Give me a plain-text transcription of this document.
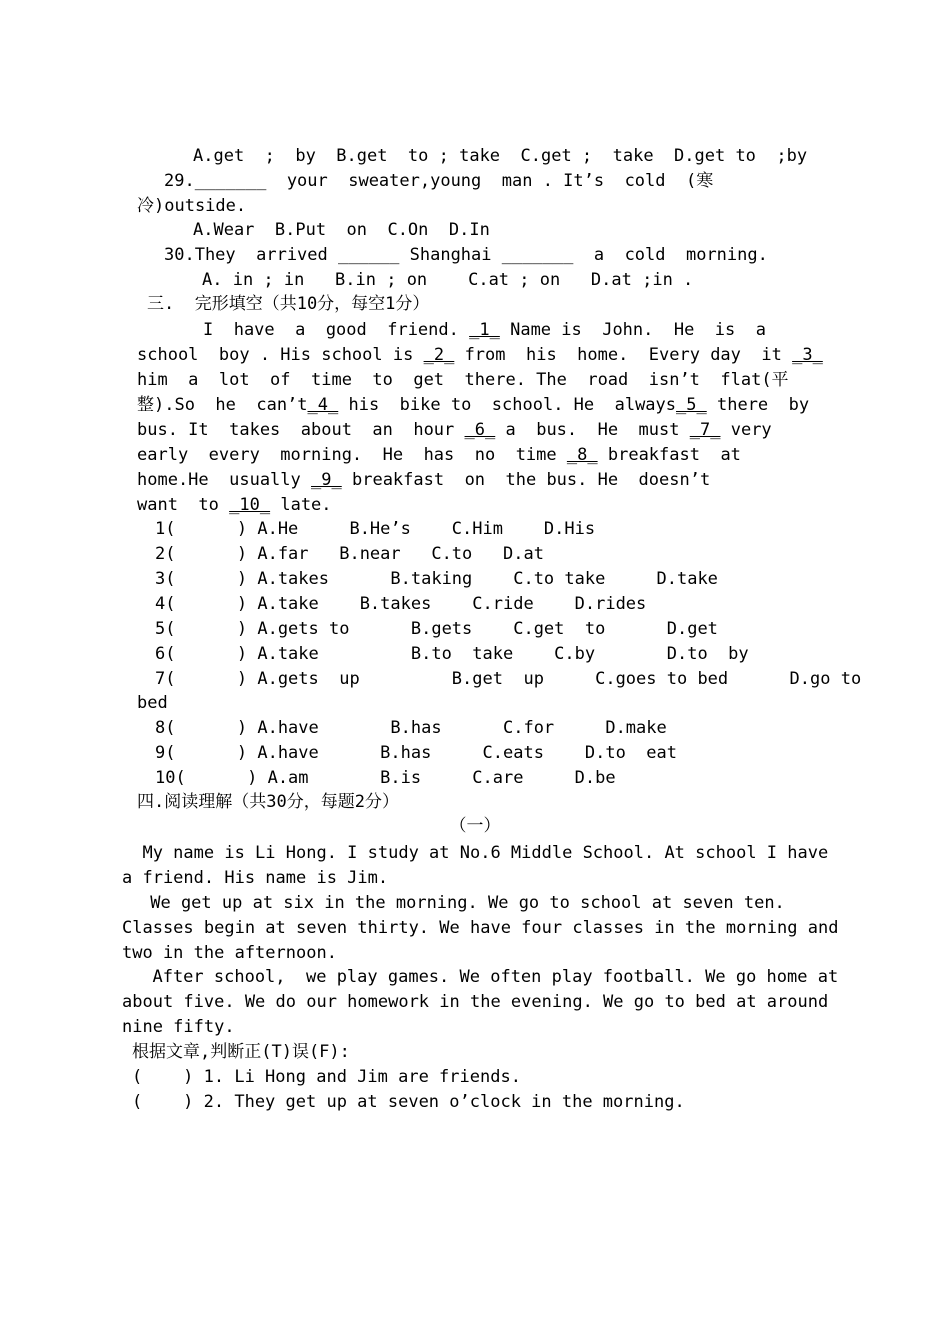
A.get  ;  by  B.get  to ; take  C.get ;  take  D.get to  ;by
29._______  your  sweater,young  man . It’s  cold  (寒
冷)outside.
A.Wear  B.Put  on  C.On  D.In
30.They  arrived ______ Shanghai _______  a  cold  morning.
A. in ; in   B.in ; on    C.at ; on   D.at ;in .
三.  完形填空（共10分，每空1分）
I  have  a  good  friend. _1_ Name is  John.  He  is  a
school  boy . His school is _2_ from  his  home.  Every day  it _3_
him  a  lot  of  time  to  get  there. The  road  isn’t  flat(平
整).So  he  can’t_4_ his  bike to  school. He  always_5_ there  by
bus. It  takes  about  an  hour _6_ a  bus.  He  must _7_ very
early  every  morning.  He  has  no  time _8_ breakfast  at
home.He  usually _9_ breakfast  on  the bus. He  doesn’t
want  to _10_ late.
1(      ) A.He     B.He’s    C.Him    D.His
2(      ) A.far   B.near   C.to   D.at
3(      ) A.takes      B.taking    C.to take     D.take
4(      ) A.take    B.takes    C.ride    D.rides
5(      ) A.gets to      B.gets    C.get  to      D.get
6(      ) A.take         B.to  take    C.by       D.to  by
7(      ) A.gets  up         B.get  up     C.goes to bed      D.go to
bed
8(      ) A.have       B.has      C.for     D.make
9(      ) A.have      B.has     C.eats    D.to  eat
10(      ) A.am       B.is     C.are     D.be
四.阅读理解（共30分，每题2分）
（一）
My name is Li Hong. I study at No.6 Middle School. At school I have
a friend. His name is Jim.
We get up at six in the morning. We go to school at seven ten.
Classes begin at seven thirty. We have four classes in the morning and
two in the afternoon.
After school,  we play games. We often play football. We go home at
about five. We do our homework in the evening. We go to bed at around
nine fifty.
根据文章,判断正(T)误(F):
(    ) 1. Li Hong and Jim are friends.
(    ) 2. They get up at seven o’clock in the morning.
